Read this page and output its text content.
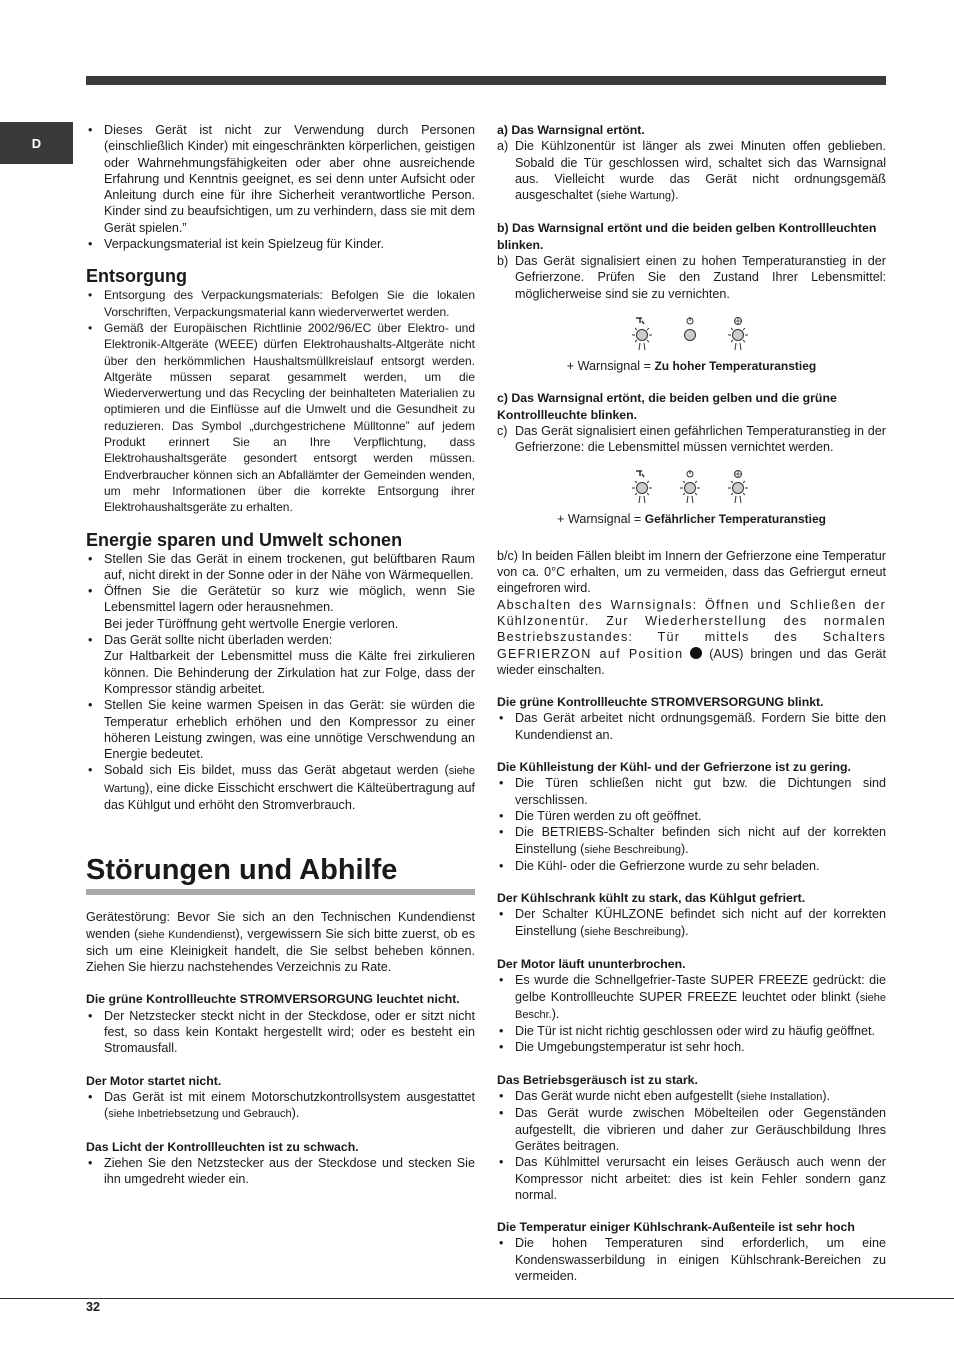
D
• Dieses Gerät ist nicht zur Verwendung durch Personen (einschließlich Kinder) mit eingeschränkten körperlichen, geistigen oder Wahrnehmungsfähigkeiten oder aber ohne ausreichende Erfahrung und Kenntnis geeignet, es sei denn unter Aufsicht oder Anleitung durch eine für ihre Sicherheit verantwortliche Person. Kinder sind zu beaufsichtigen, um zu verhindern, dass sie mit dem Gerät spielen.”
• Verpackungsmaterial ist kein Spielzeug für Kinder.
Entsorgung
• Entsorgung des Verpackungsmaterials: Befolgen Sie die lokalen Vorschriften, Verpackungsmaterial kann wiederverwertet werden.
• Gemäß der Europäischen Richtlinie 2002/96/EC über Elektro- und Elektronik-Altgeräte (WEEE) dürfen Elektrohaushalts-Altgeräte nicht über den herkömmlichen Haushaltsmüllkreislauf entsorgt werden. Altgeräte müssen separat gesammelt werden, um die Wiederverwertung und das Recycling der beinhalteten Materialien zu optimieren und die Einflüsse auf die Umwelt und die Gesundheit zu reduzieren. Das Symbol „durchgestrichene Mülltonne” auf jedem Produkt erinnert Sie an Ihre Verpflichtung, dass Elektrohaushaltsgeräte gesondert entsorgt werden müssen. Endverbraucher können sich an Abfallämter der Gemeinden wenden, um mehr Informationen über die korrekte Entsorgung ihrer Elektrohaushaltsgeräte zu erhalten.
Energie sparen und Umwelt schonen
• Stellen Sie das Gerät in einem trockenen, gut belüftbaren Raum auf, nicht direkt in der Sonne oder in der Nähe von Wärmequellen.
• Öffnen Sie die Gerätetür so kurz wie möglich, wenn Sie Lebensmittel lagern oder herausnehmen.
Bei jeder Türöffnung geht wertvolle Energie verloren.
• Das Gerät sollte nicht überladen werden:
Zur Haltbarkeit der Lebensmittel muss die Kälte frei zirkulieren können. Die Behinderung der Zirkulation hat zur Folge, dass der Kompressor ständig arbeitet.
• Stellen Sie keine warmen Speisen in das Gerät: sie würden die Temperatur erheblich erhöhen und den Kompressor zu einer höheren Leistung zwingen, was eine unnötige Verschwendung an Energie bedeutet.
• Sobald sich Eis bildet, muss das Gerät abgetaut werden (siehe Wartung), eine dicke Eisschicht erschwert die Kälteübertragung auf das Kühlgut und erhöht den Stromverbrauch.
Störungen und Abhilfe

Gerätestörung: Bevor Sie sich an den Technischen Kundendienst wenden (siehe Kundendienst), vergewissern Sie sich bitte zuerst, ob es sich um eine Kleinigkeit handelt, die Sie selbst beheben können. Ziehen Sie hierzu nachstehendes Verzeichnis zu Rate.

Die grüne Kontrollleuchte STROMVERSORGUNG leuchtet nicht.

• Der Netzstecker steckt nicht in der Steckdose, oder er sitzt nicht fest, so dass kein Kontakt hergestellt wird; oder es besteht ein Stromausfall.

Der Motor startet nicht.

• Das Gerät ist mit einem Motorschutzkontrollsystem ausgestattet (siehe Inbetriebsetzung und Gebrauch).

Das Licht der Kontrollleuchten ist zu schwach.

• Ziehen Sie den Netzstecker aus der Steckdose und stecken Sie ihn umgedreht wieder ein.

a) Das Warnsignal ertönt.

a) Die Kühlzonentür ist länger als zwei Minuten offen geblieben. Sobald die Tür geschlossen wird, schaltet sich das Warnsignal aus. Vielleicht wurde das Gerät nicht ordnungsgemäß ausgeschaltet (siehe Wartung).

b) Das Warnsignal ertönt und die beiden gelben Kontrollleuchten blinken.

b) Das Gerät signalisiert einen zu hohen Temperaturanstieg in der Gefrierzone. Prüfen Sie den Zustand Ihrer Lebensmittel: möglicherweise sind sie zu vernichten.
+ Warnsignal = Zu hoher Temperaturanstieg

c) Das Warnsignal ertönt, die beiden gelben und die grüne Kontrollleuchte blinken.

c) Das Gerät signalisiert einen gefährlichen Temperaturanstieg in der Gefrierzone: die Lebensmittel müssen vernichtet werden.
+ Warnsignal = Gefährlicher Temperaturanstieg

b/c) In beiden Fällen bleibt im Innern der Gefrierzone eine Temperatur von ca. 0°C erhalten, um zu vermeiden, dass das Gefriergut erneut eingefroren wird.

Abschalten des Warnsignals: Öffnen und Schließen der Kühlzonentür. Zur Wiederherstellung des normalen Bestriebszustandes: Tür mittels des Schalters GEFRIERZON auf Position (AUS) bringen und das Gerät wieder einschalten.

Die grüne Kontrollleuchte STROMVERSORGUNG blinkt.

• Das Gerät arbeitet nicht ordnungsgemäß. Fordern Sie bitte den Kundendienst an.

Die Kühlleistung der Kühl- und der Gefrierzone ist zu gering.

• Die Türen schließen nicht gut bzw. die Dichtungen sind verschlissen.
• Die Türen werden zu oft geöffnet.
• Die BETRIEBS-Schalter befinden sich nicht auf der korrekten Einstellung (siehe Beschreibung).
• Die Kühl- oder die Gefrierzone wurde zu sehr beladen.

Der Kühlschrank kühlt zu stark, das Kühlgut gefriert.

• Der Schalter KÜHLZONE befindet sich nicht auf der korrekten Einstellung (siehe Beschreibung).

Der Motor läuft ununterbrochen.

• Es wurde die Schnellgefrier-Taste SUPER FREEZE gedrückt: die gelbe Kontrollleuchte SUPER FREEZE leuchtet oder blinkt (siehe Beschr.).
• Die Tür ist nicht richtig geschlossen oder wird zu häufig geöffnet.
• Die Umgebungstemperatur ist sehr hoch.

Das Betriebsgeräusch ist zu stark.

• Das Gerät wurde nicht eben aufgestellt (siehe Installation).
• Das Gerät wurde zwischen Möbelteilen oder Gegenständen aufgestellt, die vibrieren und daher zur Geräuschbildung Ihres Gerätes beitragen.
• Das Kühlmittel verursacht ein leises Geräusch auch wenn der Kompressor nicht arbeitet: dies ist kein Fehler sondern ganz normal.

Die Temperatur einiger Kühlschrank-Außenteile ist sehr hoch

• Die hohen Temperaturen sind erforderlich, um eine Kondenswasserbildung in einigen Kühlschrank-Bereichen zu vermeiden.
32
